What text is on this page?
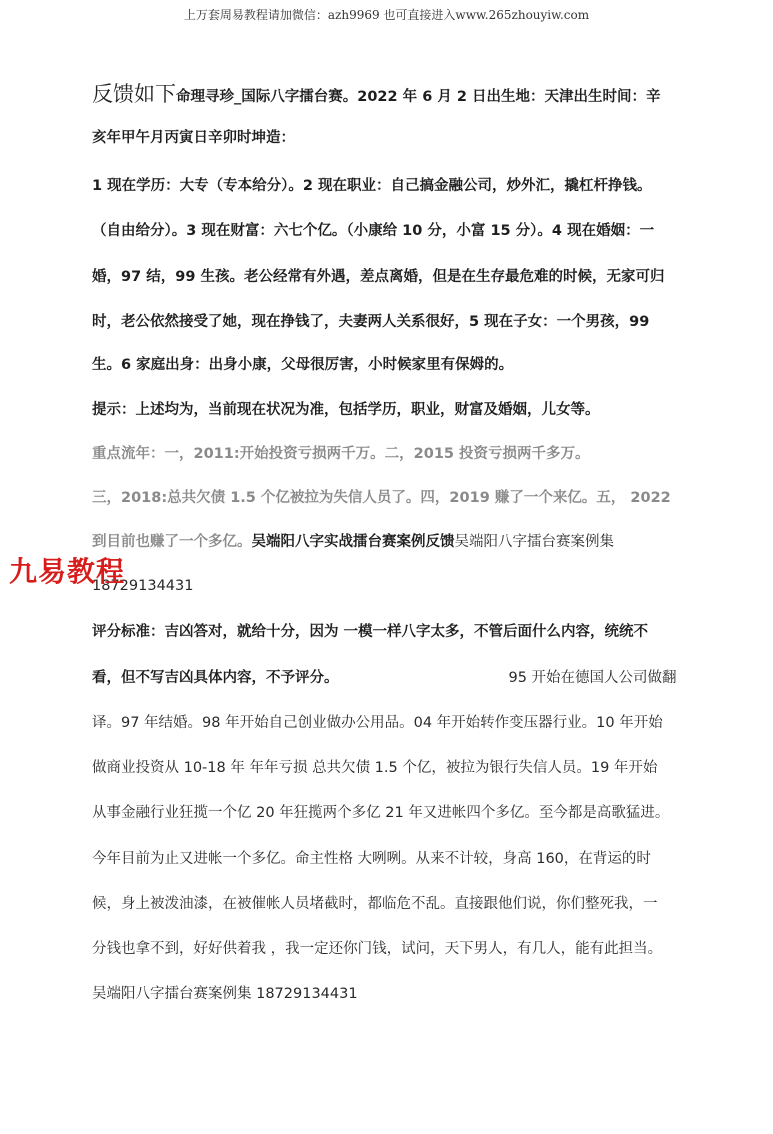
上万套周易教程请加微信：azh9969 也可直接进入www.265zhouyiw.com
反馈如下命理寻珍_国际八字擂台赛。2022 年 6 月 2 日出生地：天津出生时间：辛
亥年甲午月丙寅日辛卯时坤造：
1 现在学历：大专（专本给分）。2 现在职业：自己搞金融公司，炒外汇，撬杠杆挣钱。
（自由给分）。3 现在财富：六七个亿。（小康给 10 分，小富 15 分）。4 现在婚姻：一
婚，97 结，99 生孩。老公经常有外遇，差点离婚，但是在生存最危难的时候，无家可归
时，老公依然接受了她，现在挣钱了，夫妻两人关系很好，5 现在子女：一个男孩，99
生。6 家庭出身：出身小康，父母很厉害，小时候家里有保姆的。
提示：上述均为，当前现在状况为准，包括学历，职业，财富及婚姻，儿女等。
重点流年：一，2011:开始投资亏损两千万。二，2015 投资亏损两千多万。
三，2018:总共欠债 1.5 个亿被拉为失信人员了。四，2019 赚了一个来亿。五， 2022
到目前也赚了一个多亿。吴端阳八字实战擂台赛案例反馈吴端阳八字擂台赛案例集
评分标准：吉凶答对，就给十分，因为 一模一样八字太多，不管后面什么内容，统统不
看，但不写吉凶具体内容，不予评分。	95 开始在德国人公司做翻
译。97 年结婚。98 年开始自己创业做办公用品。04 年开始转作变压器行业。10 年开始
做商业投资从 10-18 年 年年亏损 总共欠债 1.5 个亿，被拉为银行失信人员。19 年开始
从事金融行业狂揽一个亿 20 年狂揽两个多亿 21 年又进帐四个多亿。至今都是高歌猛进。
今年目前为止又进帐一个多亿。命主性格 大咧咧。从来不计较，身高 160，在背运的时
候，身上被泼油漆，在被催帐人员堵截时，都临危不乱。直接跟他们说，你们整死我，一
分钱也拿不到，好好供着我 ，我一定还你门钱，试问，天下男人，有几人，能有此担当。
吴端阳八字擂台赛案例集 18729134431
18729134431
九易教程
